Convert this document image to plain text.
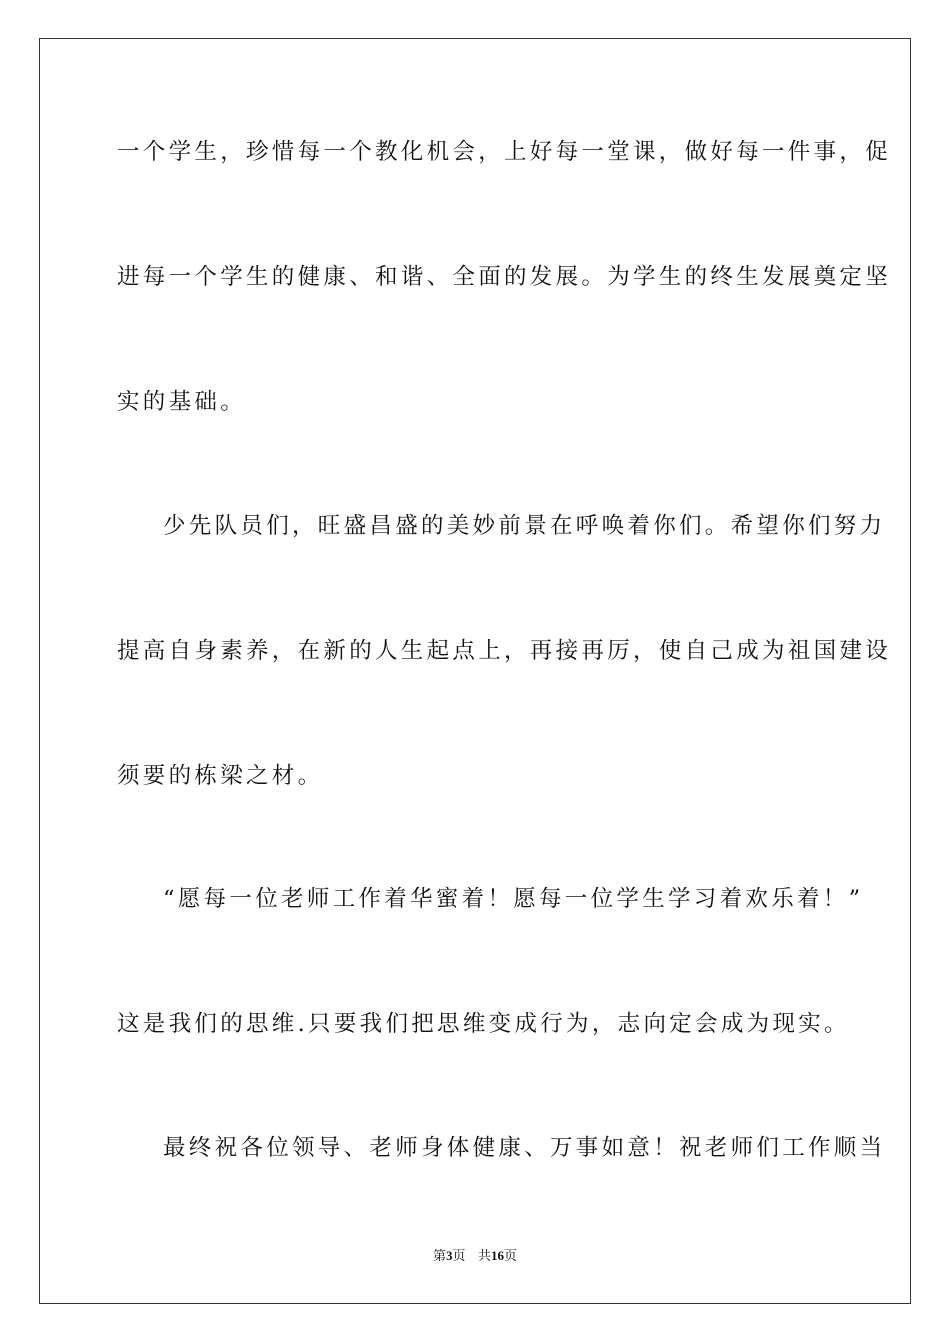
一个学生，珍惜每一个教化机会，上好每一堂课，做好每一件事，促
进每一个学生的健康、和谐、全面的发展。为学生的终生发展奠定坚
实的基础。
少先队员们，旺盛昌盛的美妙前景在呼唤着你们。希望你们努力
提高自身素养，在新的人生起点上，再接再厉，使自己成为祖国建设
须要的栋梁之材。
“愿每一位老师工作着华蜜着！愿每一位学生学习着欢乐着！”
这是我们的思维.只要我们把思维变成行为，志向定会成为现实。
最终祝各位领导、老师身体健康、万事如意！祝老师们工作顺当
第3页 共16页
